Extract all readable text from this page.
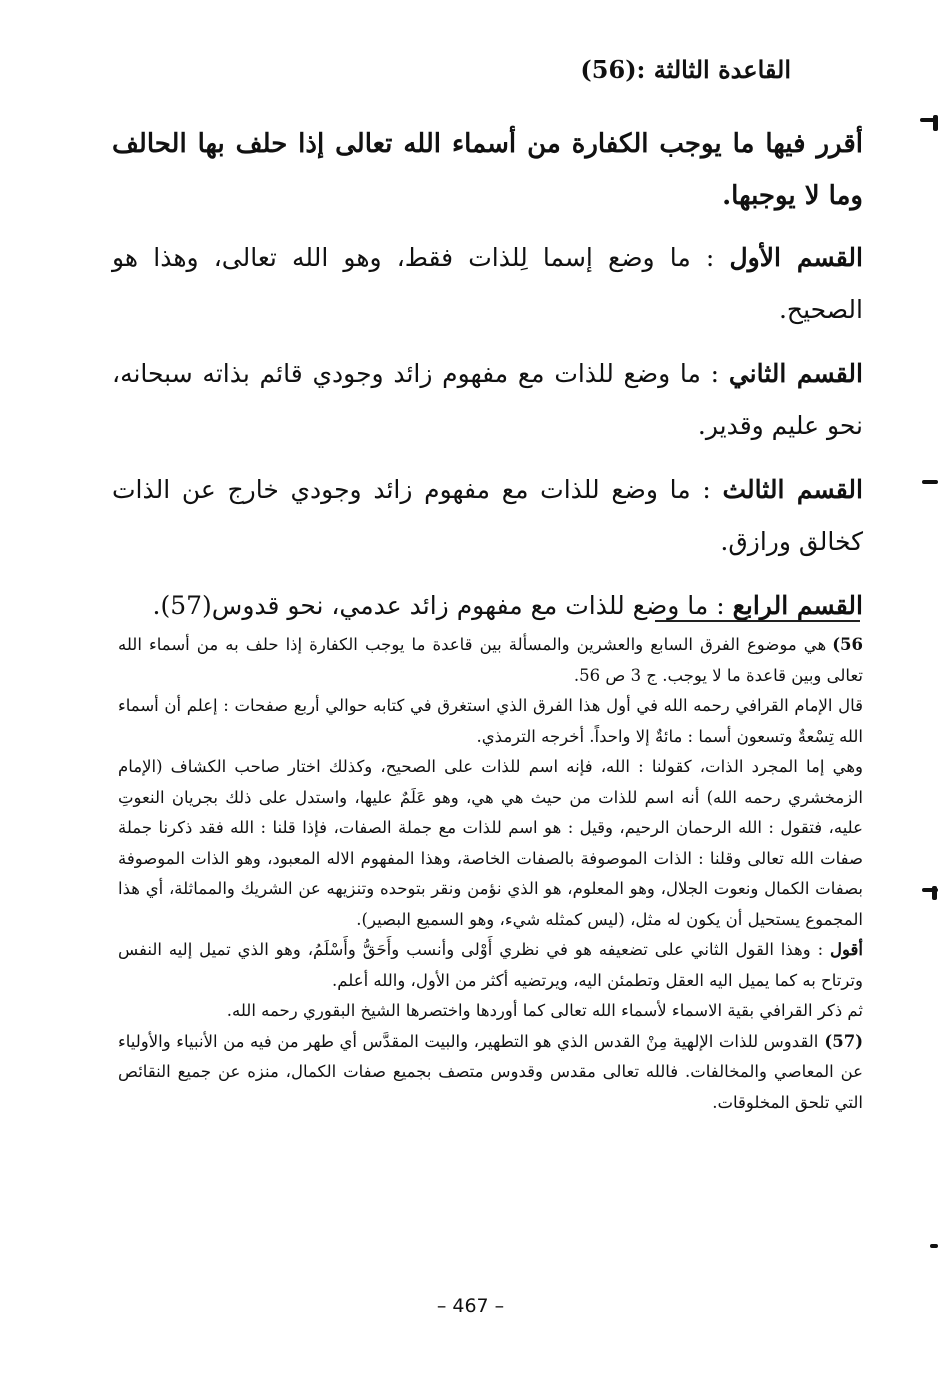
القاعدة الثالثة :(56)

أقرر فيها ما يوجب الكفارة من أسماء الله تعالى إذا حلف بها الحالف وما لا يوجبها.

القسم الأول : ما وضع إسما لِلذات فقط، وهو الله تعالى، وهذا هو الصحيح.

القسم الثاني : ما وضع للذات مع مفهوم زائد وجودي قائم بذاته سبحانه، نحو عليم وقدير.

القسم الثالث : ما وضع للذات مع مفهوم زائد وجودي خارج عن الذات كخالق ورازق.

القسم الرابع : ما وضع للذات مع مفهوم زائد عدمي، نحو قدوس(57).

56)هي موضوع الفرق السابع والعشرين والمسألة بين قاعدة ما يوجب الكفارة إذا حلف به من أسماء الله تعالى وبين قاعدة ما لا يوجب. ج 3 ص 56.

قال الإمام القرافي رحمه الله في أول هذا الفرق الذي استغرق في كتابه حوالي أربع صفحات : إعلم أن أسماء الله تِسْعةٌ وتسعون أسما : مائةٌ إلا واحداً. أخرجه الترمذي.

وهي إما المجرد الذات، كقولنا : الله، فإنه اسم للذات على الصحيح، وكذلك اختار صاحب الكشاف (الإمام الزمخشري رحمه الله) أنه اسم للذات من حيث هي هي، وهو عَلَمٌ عليها، واستدل على ذلك بجريان النعوتِ عليه، فتقول : الله الرحمان الرحيم، وقيل : هو اسم للذات مع جملة الصفات، فإذا قلنا : الله فقد ذكرنا جملة صفات الله تعالى وقلنا : الذات الموصوفة بالصفات الخاصة، وهذا المفهوم الاله المعبود، وهو الذات الموصوفة بصفات الكمال ونعوت الجلال، وهو المعلوم، هو الذي نؤمن ونقر بتوحده وتنزيهه عن الشريك والمماثلة، أي هذا المجموع يستحيل أن يكون له مثل، (ليس كمثله شيء، وهو السميع البصير).

أقول : وهذا القول الثاني على تضعيفه هو في نظري أَوْلى وأنسب وأَحَقُّ وأَسْلَمُ، وهو الذي تميل إليه النفس وترتاح به كما يميل اليه العقل وتطمئن اليه، ويرتضيه أكثر من الأول، والله أعلم.

ثم ذكر القرافي بقية الاسماء لأسماء الله تعالى كما أوردها واختصرها الشيخ البقوري رحمه الله.

(57)القدوس للذات الإلهية مِنْ القدس الذي هو التطهير، والبيت المقدَّس أي طهر من فيه من الأنبياء والأولياء عن المعاصي والمخالفات. فالله تعالى مقدس وقدوس متصف بجميع صفات الكمال، منزه عن جميع النقائص التي تلحق المخلوقات.

– 467 –
